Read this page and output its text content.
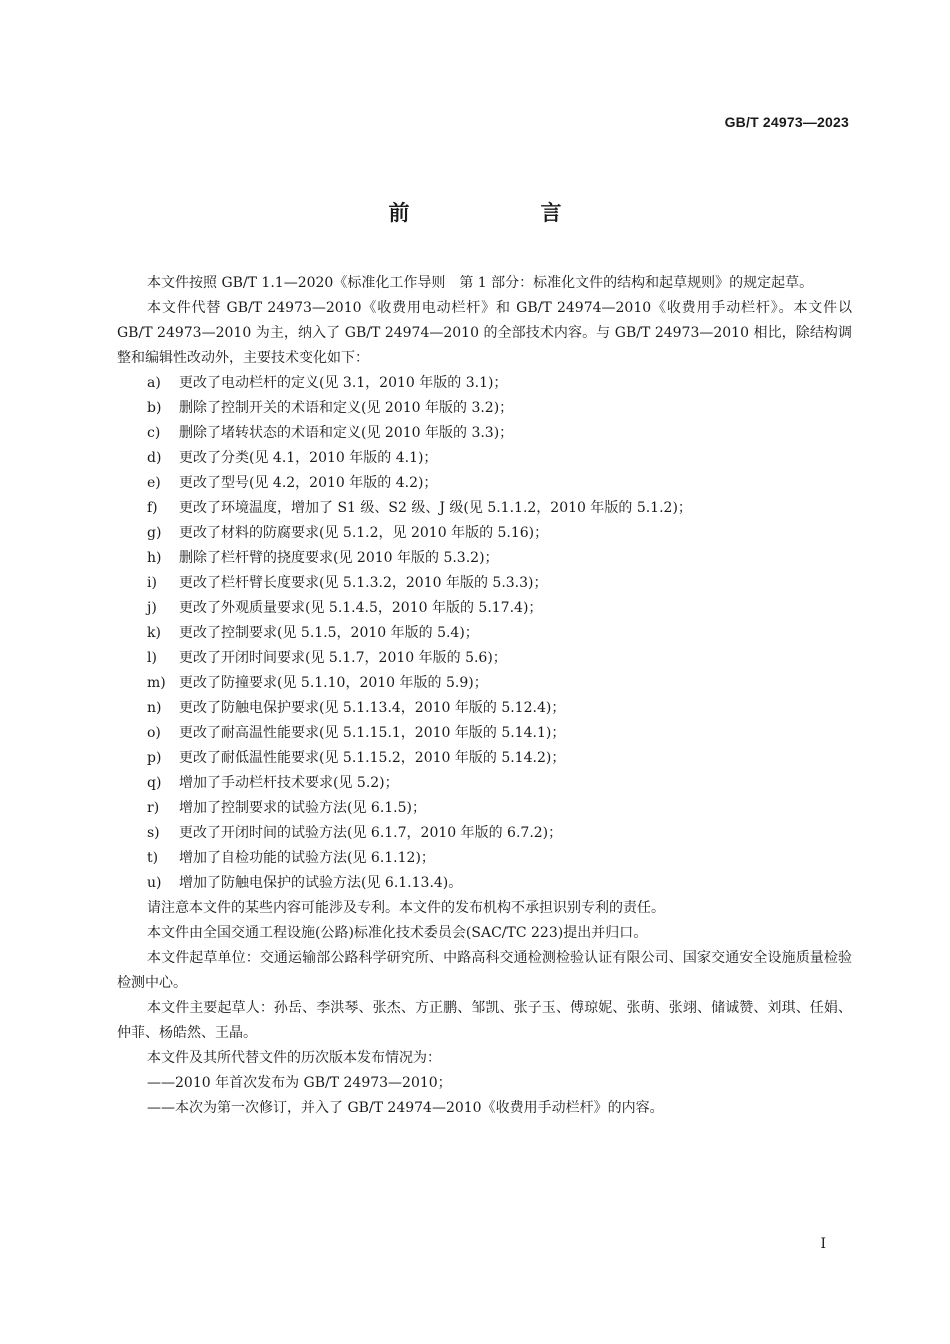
GB/T 24973—2023
前　言

本文件按照 GB/T 1.1—2020《标准化工作导则　第 1 部分：标准化文件的结构和起草规则》的规定起草。

本文件代替 GB/T 24973—2010《收费用电动栏杆》和 GB/T 24974—2010《收费用手动栏杆》。本文件以 GB/T 24973—2010 为主，纳入了 GB/T 24974—2010 的全部技术内容。与 GB/T 24973—2010 相比，除结构调整和编辑性改动外，主要技术变化如下：

a)	更改了电动栏杆的定义(见 3.1，2010 年版的 3.1)；
b)	删除了控制开关的术语和定义(见 2010 年版的 3.2)；
c)	删除了堵转状态的术语和定义(见 2010 年版的 3.3)；
d)	更改了分类(见 4.1，2010 年版的 4.1)；
e)	更改了型号(见 4.2，2010 年版的 4.2)；
f)	更改了环境温度，增加了 S1 级、S2 级、J 级(见 5.1.1.2，2010 年版的 5.1.2)；
g)	更改了材料的防腐要求(见 5.1.2，见 2010 年版的 5.16)；
h)	删除了栏杆臂的挠度要求(见 2010 年版的 5.3.2)；
i)	更改了栏杆臂长度要求(见 5.1.3.2，2010 年版的 5.3.3)；
j)	更改了外观质量要求(见 5.1.4.5，2010 年版的 5.17.4)；
k)	更改了控制要求(见 5.1.5，2010 年版的 5.4)；
l)	更改了开闭时间要求(见 5.1.7，2010 年版的 5.6)；
m) 更改了防撞要求(见 5.1.10，2010 年版的 5.9)；
n)	更改了防触电保护要求(见 5.1.13.4，2010 年版的 5.12.4)；
o)	更改了耐高温性能要求(见 5.1.15.1，2010 年版的 5.14.1)；
p)	更改了耐低温性能要求(见 5.1.15.2，2010 年版的 5.14.2)；
q)	增加了手动栏杆技术要求(见 5.2)；
r)	增加了控制要求的试验方法(见 6.1.5)；
s)	更改了开闭时间的试验方法(见 6.1.7，2010 年版的 6.7.2)；
t)	增加了自检功能的试验方法(见 6.1.12)；
u)	增加了防触电保护的试验方法(见 6.1.13.4)。

请注意本文件的某些内容可能涉及专利。本文件的发布机构不承担识别专利的责任。

本文件由全国交通工程设施(公路)标准化技术委员会(SAC/TC 223)提出并归口。

本文件起草单位：交通运输部公路科学研究所、中路高科交通检测检验认证有限公司、国家交通安全设施质量检验检测中心。

本文件主要起草人：孙岳、李洪琴、张杰、方正鹏、邹凯、张子玉、傅琼妮、张萌、张翊、储诚赞、刘琪、任娟、仲菲、杨皓然、王晶。

本文件及其所代替文件的历次版本发布情况为：

——2010 年首次发布为 GB/T 24973—2010；

——本次为第一次修订，并入了 GB/T 24974—2010《收费用手动栏杆》的内容。

I
